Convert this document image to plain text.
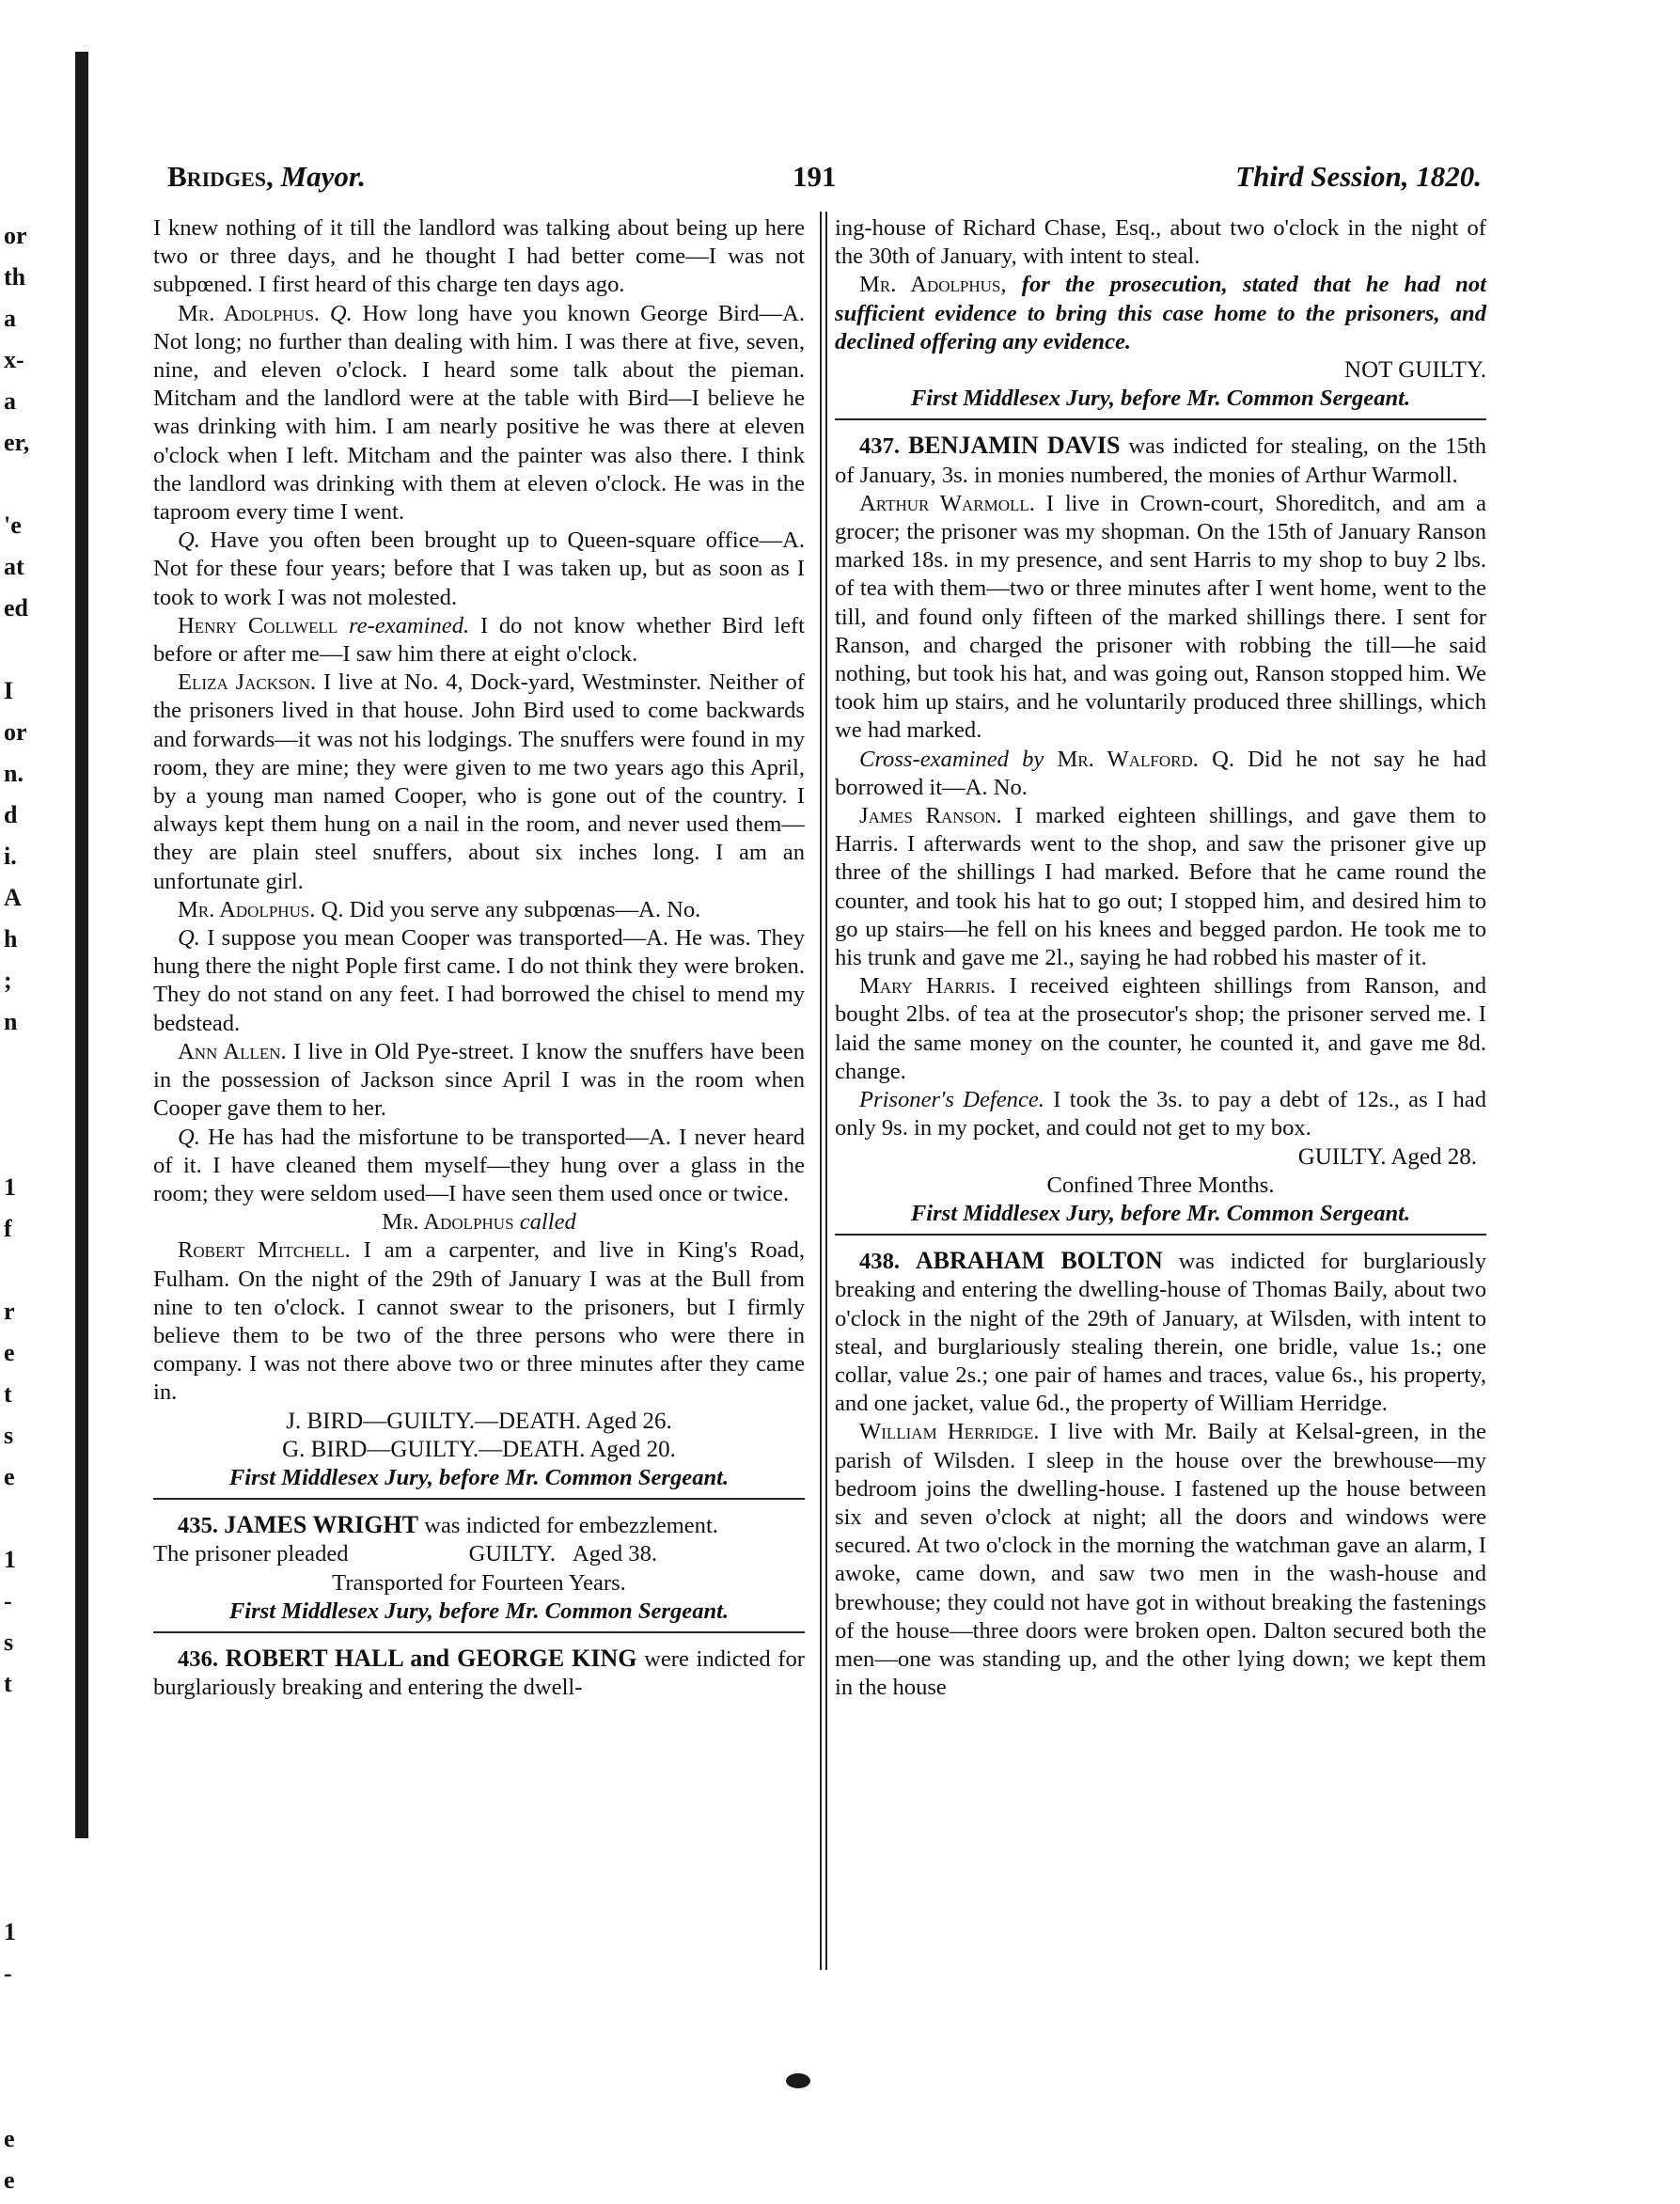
or
th
a
x-
a
er,
'e
at
ed
I
or
n.
d
i.
A
h
;
n
1
f
r
e
t
s
e
1
-
s
t
1
-
e
e
Bridges, Mayor.	191	Third Session, 1820.

I knew nothing of it till the landlord was talking about being up here two or three days, and he thought I had better come—I was not subpœned. I first heard of this charge ten days ago.

Mr. Adolphus. Q. How long have you known George Bird—A. Not long; no further than dealing with him. I was there at five, seven, nine, and eleven o'clock. I heard some talk about the pieman. Mitcham and the landlord were at the table with Bird—I believe he was drinking with him. I am nearly positive he was there at eleven o'clock when I left. Mitcham and the painter was also there. I think the landlord was drinking with them at eleven o'clock. He was in the taproom every time I went.

Q. Have you often been brought up to Queen-square office—A. Not for these four years; before that I was taken up, but as soon as I took to work I was not molested.

Henry Collwell re-examined. I do not know whether Bird left before or after me—I saw him there at eight o'clock.

Eliza Jackson. I live at No. 4, Dock-yard, Westminster. Neither of the prisoners lived in that house. John Bird used to come backwards and forwards—it was not his lodgings. The snuffers were found in my room, they are mine; they were given to me two years ago this April, by a young man named Cooper, who is gone out of the country. I always kept them hung on a nail in the room, and never used them—they are plain steel snuffers, about six inches long. I am an unfortunate girl.

Mr. Adolphus. Q. Did you serve any subpœnas—A. No.

Q. I suppose you mean Cooper was transported—A. He was. They hung there the night Pople first came. I do not think they were broken. They do not stand on any feet. I had borrowed the chisel to mend my bedstead.

Ann Allen. I live in Old Pye-street. I know the snuffers have been in the possession of Jackson since April I was in the room when Cooper gave them to her.

Q. He has had the misfortune to be transported—A. I never heard of it. I have cleaned them myself—they hung over a glass in the room; they were seldom used—I have seen them used once or twice.

Mr. Adolphus called

Robert Mitchell. I am a carpenter, and live in King's Road, Fulham. On the night of the 29th of January I was at the Bull from nine to ten o'clock. I cannot swear to the prisoners, but I firmly believe them to be two of the three persons who were there in company. I was not there above two or three minutes after they came in.

J. BIRD—GUILTY.—DEATH. Aged 26.

G. BIRD—GUILTY.—DEATH. Aged 20.

First Middlesex Jury, before Mr. Common Sergeant.

435. JAMES WRIGHT was indicted for embezzlement.

The prisoner pleaded	GUILTY. Aged 38.

Transported for Fourteen Years.

First Middlesex Jury, before Mr. Common Sergeant.

436. ROBERT HALL and GEORGE KING were indicted for burglariously breaking and entering the dwell-

ing-house of Richard Chase, Esq., about two o'clock in the night of the 30th of January, with intent to steal.

Mr. Adolphus, for the prosecution, stated that he had not sufficient evidence to bring this case home to the prisoners, and declined offering any evidence.

NOT GUILTY.

First Middlesex Jury, before Mr. Common Sergeant.

437. BENJAMIN DAVIS was indicted for stealing, on the 15th of January, 3s. in monies numbered, the monies of Arthur Warmoll.

Arthur Warmoll. I live in Crown-court, Shoreditch, and am a grocer; the prisoner was my shopman. On the 15th of January Ranson marked 18s. in my presence, and sent Harris to my shop to buy 2 lbs. of tea with them—two or three minutes after I went home, went to the till, and found only fifteen of the marked shillings there. I sent for Ranson, and charged the prisoner with robbing the till—he said nothing, but took his hat, and was going out, Ranson stopped him. We took him up stairs, and he voluntarily produced three shillings, which we had marked.

Cross-examined by Mr. Walford. Q. Did he not say he had borrowed it—A. No.

James Ranson. I marked eighteen shillings, and gave them to Harris. I afterwards went to the shop, and saw the prisoner give up three of the shillings I had marked. Before that he came round the counter, and took his hat to go out; I stopped him, and desired him to go up stairs—he fell on his knees and begged pardon. He took me to his trunk and gave me 2l., saying he had robbed his master of it.

Mary Harris. I received eighteen shillings from Ranson, and bought 2lbs. of tea at the prosecutor's shop; the prisoner served me. I laid the same money on the counter, he counted it, and gave me 8d. change.

Prisoner's Defence. I took the 3s. to pay a debt of 12s., as I had only 9s. in my pocket, and could not get to my box.

GUILTY. Aged 28.

Confined Three Months.

First Middlesex Jury, before Mr. Common Sergeant.

438. ABRAHAM BOLTON was indicted for burglariously breaking and entering the dwelling-house of Thomas Baily, about two o'clock in the night of the 29th of January, at Wilsden, with intent to steal, and burglariously stealing therein, one bridle, value 1s.; one collar, value 2s.; one pair of hames and traces, value 6s., his property, and one jacket, value 6d., the property of William Herridge.

William Herridge. I live with Mr. Baily at Kelsal-green, in the parish of Wilsden. I sleep in the house over the brewhouse—my bedroom joins the dwelling-house. I fastened up the house between six and seven o'clock at night; all the doors and windows were secured. At two o'clock in the morning the watchman gave an alarm, I awoke, came down, and saw two men in the wash-house and brewhouse; they could not have got in without breaking the fastenings of the house—three doors were broken open. Dalton secured both the men—one was standing up, and the other lying down; we kept them in the house
